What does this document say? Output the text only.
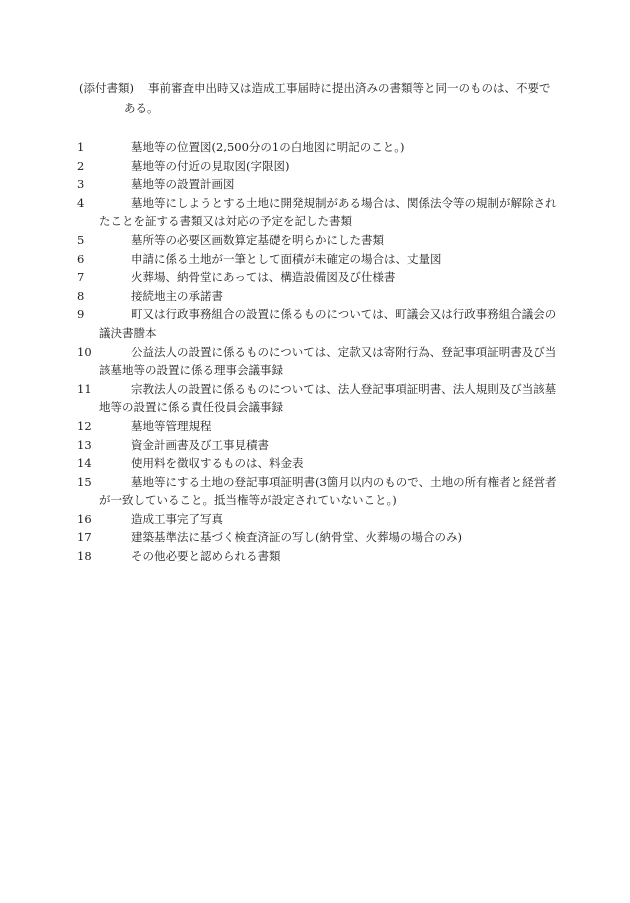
(添付書類) 事前審査申出時又は造成工事届時に提出済みの書類等と同一のものは、不要で
ある。
1	墓地等の位置図(2,500分の1の白地図に明記のこと。)
2	墓地等の付近の見取図(字限図)
3	墓地等の設置計画図
4	墓地等にしようとする土地に開発規制がある場合は、関係法令等の規制が解除されたことを証する書類又は対応の予定を記した書類
5	墓所等の必要区画数算定基礎を明らかにした書類
6	申請に係る土地が一筆として面積が未確定の場合は、丈量図
7	火葬場、納骨堂にあっては、構造設備図及び仕様書
8	接続地主の承諾書
9	町又は行政事務組合の設置に係るものについては、町議会又は行政事務組合議会の議決書謄本
10	公益法人の設置に係るものについては、定款又は寄附行為、登記事項証明書及び当該墓地等の設置に係る理事会議事録
11	宗教法人の設置に係るものについては、法人登記事項証明書、法人規則及び当該墓地等の設置に係る責任役員会議事録
12	墓地等管理規程
13	資金計画書及び工事見積書
14	使用料を徴収するものは、料金表
15	墓地等にする土地の登記事項証明書(3箇月以内のもので、土地の所有権者と経営者が一致していること。抵当権等が設定されていないこと。)
16	造成工事完了写真
17	建築基準法に基づく検査済証の写し(納骨堂、火葬場の場合のみ)
18	その他必要と認められる書類
